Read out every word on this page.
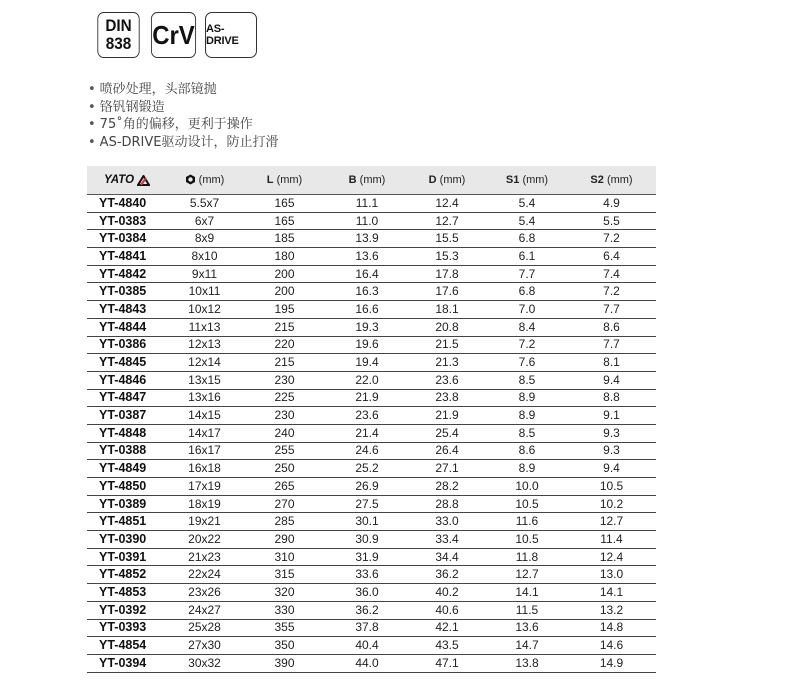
DIN
838 CrV AS-DRIVE
• 喷砂处理，头部镜抛
• 铬钒钢锻造
• 75˚角的偏移，更利于操作
• AS-DRIVE驱动设计，防止打滑
YATO	(mm)	L (mm)	B (mm)	D (mm)	S1 (mm)	S2 (mm)
YT-4840	5.5x7	165	11.1	12.4	5.4	4.9
YT-0383	6x7	165	11.0	12.7	5.4	5.5
YT-0384	8x9	185	13.9	15.5	6.8	7.2
YT-4841	8x10	180	13.6	15.3	6.1	6.4
YT-4842	9x11	200	16.4	17.8	7.7	7.4
YT-0385	10x11	200	16.3	17.6	6.8	7.2
YT-4843	10x12	195	16.6	18.1	7.0	7.7
YT-4844	11x13	215	19.3	20.8	8.4	8.6
YT-0386	12x13	220	19.6	21.5	7.2	7.7
YT-4845	12x14	215	19.4	21.3	7.6	8.1
YT-4846	13x15	230	22.0	23.6	8.5	9.4
YT-4847	13x16	225	21.9	23.8	8.9	8.8
YT-0387	14x15	230	23.6	21.9	8.9	9.1
YT-4848	14x17	240	21.4	25.4	8.5	9.3
YT-0388	16x17	255	24.6	26.4	8.6	9.3
YT-4849	16x18	250	25.2	27.1	8.9	9.4
YT-4850	17x19	265	26.9	28.2	10.0	10.5
YT-0389	18x19	270	27.5	28.8	10.5	10.2
YT-4851	19x21	285	30.1	33.0	11.6	12.7
YT-0390	20x22	290	30.9	33.4	10.5	11.4
YT-0391	21x23	310	31.9	34.4	11.8	12.4
YT-4852	22x24	315	33.6	36.2	12.7	13.0
YT-4853	23x26	320	36.0	40.2	14.1	14.1
YT-0392	24x27	330	36.2	40.6	11.5	13.2
YT-0393	25x28	355	37.8	42.1	13.6	14.8
YT-4854	27x30	350	40.4	43.5	14.7	14.6
YT-0394	30x32	390	44.0	47.1	13.8	14.9
